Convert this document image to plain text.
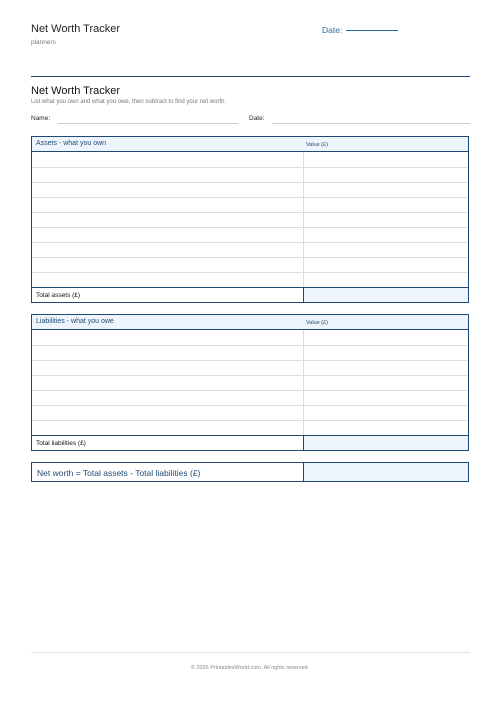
Net Worth Tracker
planners
Date:
Net Worth Tracker
List what you own and what you owe, then subtract to find your net worth.
Name:	Date:
Assets - what you own	Value (£)
Total assets (£)
Liabilities - what you owe	Value (£)
Total liabilities (£)
Net worth = Total assets - Total liabilities (£)
© 2026 PrintablesWorld.com. All rights reserved.
